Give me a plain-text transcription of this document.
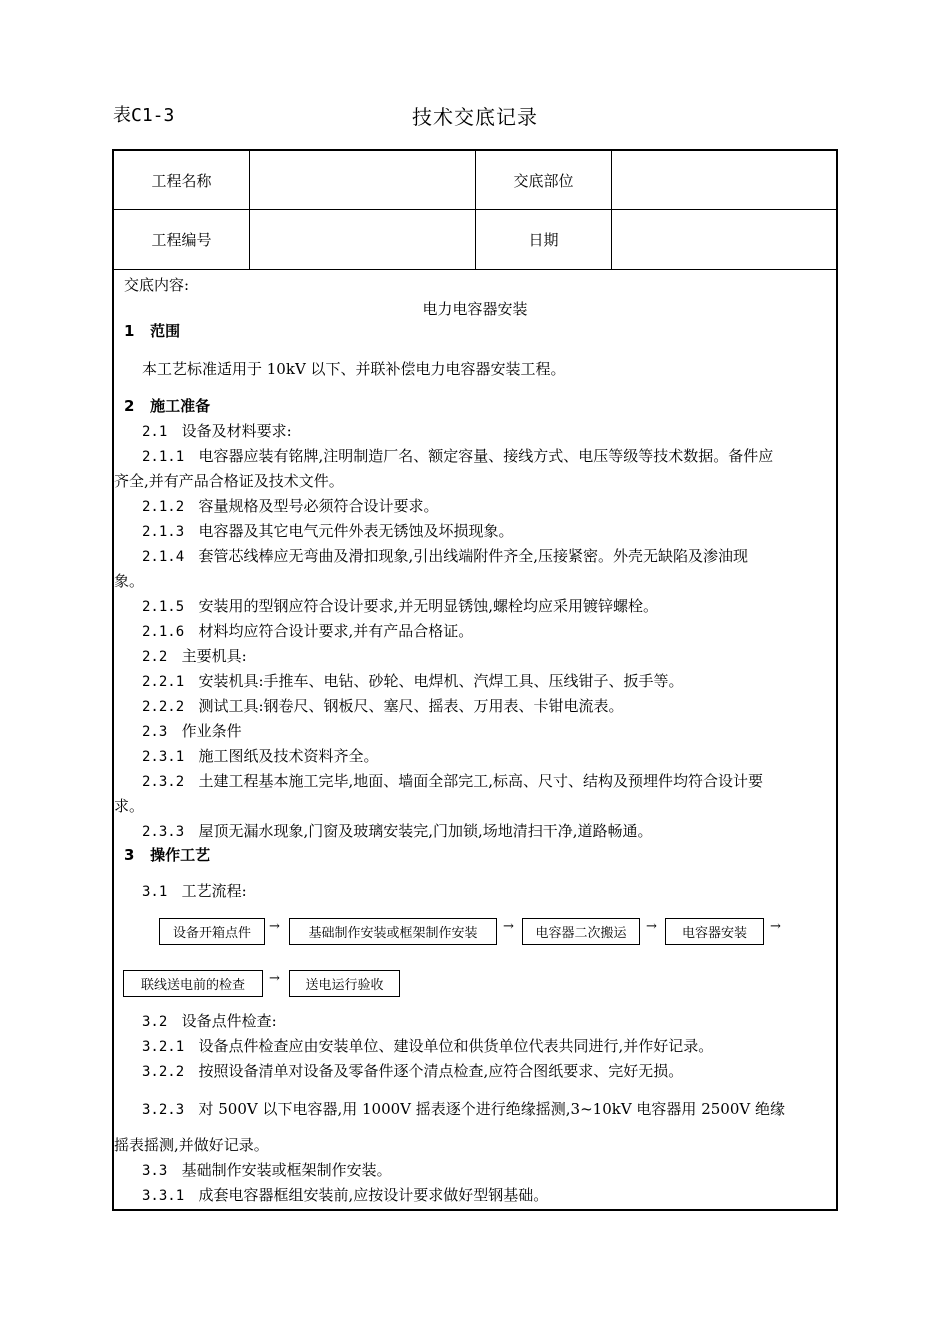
表C1-3	技术交底记录
工程名称	交底部位
工程编号	日期
交底内容:
电力电容器安装
1 范围
本工艺标准适用于 10kV 以下、并联补偿电力电容器安装工程。
2 施工准备
2.1 设备及材料要求:
2.1.1 电容器应装有铭牌,注明制造厂名、额定容量、接线方式、电压等级等技术数据。备件应
齐全,并有产品合格证及技术文件。
2.1.2 容量规格及型号必须符合设计要求。
2.1.3 电容器及其它电气元件外表无锈蚀及坏损现象。
2.1.4 套管芯线棒应无弯曲及滑扣现象,引出线端附件齐全,压接紧密。外壳无缺陷及渗油现
象。
2.1.5 安装用的型钢应符合设计要求,并无明显锈蚀,螺栓均应采用镀锌螺栓。
2.1.6 材料均应符合设计要求,并有产品合格证。
2.2 主要机具:
2.2.1 安装机具:手推车、电钻、砂轮、电焊机、汽焊工具、压线钳子、扳手等。
2.2.2 测试工具:钢卷尺、钢板尺、塞尺、摇表、万用表、卡钳电流表。
2.3 作业条件
2.3.1 施工图纸及技术资料齐全。
2.3.2 土建工程基本施工完毕,地面、墙面全部完工,标高、尺寸、结构及预埋件均符合设计要
求。
2.3.3 屋顶无漏水现象,门窗及玻璃安装完,门加锁,场地清扫干净,道路畅通。
3 操作工艺
3.1 工艺流程:
设备开箱点件	→	基础制作安装或框架制作安装	→	电容器二次搬运	→	电容器安装	→
联线送电前的检查	→	送电运行验收
3.2 设备点件检查:
3.2.1 设备点件检查应由安装单位、建设单位和供货单位代表共同进行,并作好记录。
3.2.2 按照设备清单对设备及零备件逐个清点检查,应符合图纸要求、完好无损。
3.2.3 对 500V 以下电容器,用 1000V 摇表逐个进行绝缘摇测,3~10kV 电容器用 2500V 绝缘
摇表摇测,并做好记录。
3.3 基础制作安装或框架制作安装。
3.3.1 成套电容器框组安装前,应按设计要求做好型钢基础。
